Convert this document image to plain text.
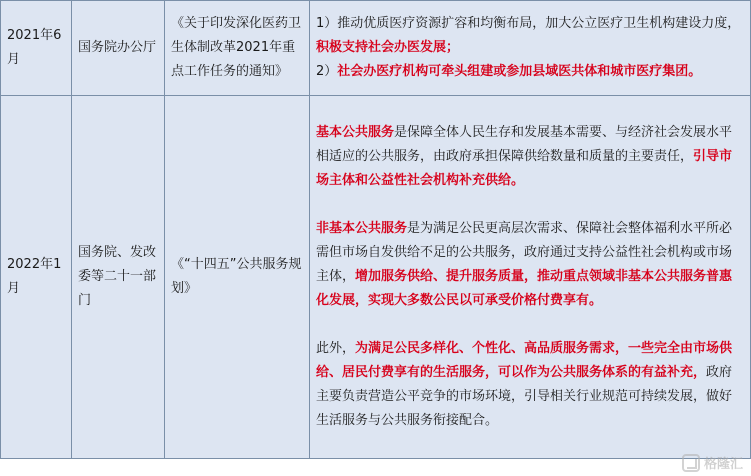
2021年6月	国务院办公厅	《关于印发深化医药卫生体制改革2021年重点工作任务的通知》	1）推动优质医疗资源扩容和均衡布局，加大公立医疗卫生机构建设力度，积极支持社会办医发展；
2）社会办医疗机构可牵头组建或参加县域医共体和城市医疗集团。

2022年1月	国务院、发改委等二十一部门	《“十四五”公共服务规划》	基本公共服务是保障全体人民生存和发展基本需要、与经济社会发展水平相适应的公共服务，由政府承担保障供给数量和质量的主要责任，引导市场主体和公益性社会机构补充供给。
非基本公共服务是为满足公民更高层次需求、保障社会整体福利水平所必需但市场自发供给不足的公共服务，政府通过支持公益性社会机构或市场主体，增加服务供给、提升服务质量，推动重点领域非基本公共服务普惠化发展，实现大多数公民以可承受价格付费享有。
此外，为满足公民多样化、个性化、高品质服务需求，一些完全由市场供给、居民付费享有的生活服务，可以作为公共服务体系的有益补充，政府主要负责营造公平竞争的市场环境，引导相关行业规范可持续发展，做好生活服务与公共服务衔接配合。
格隆汇
